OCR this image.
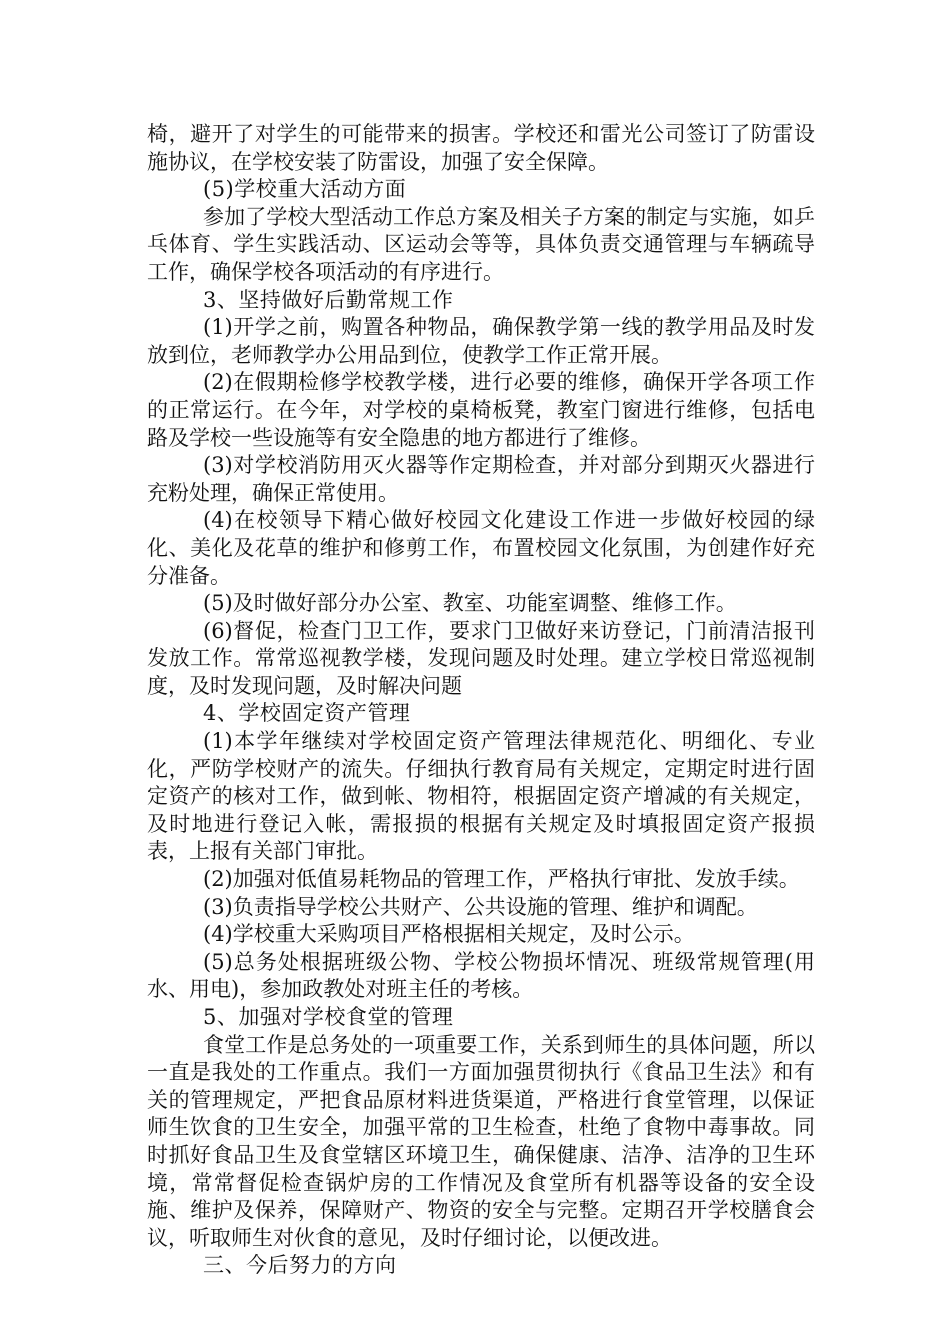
椅，避开了对学生的可能带来的损害。学校还和雷光公司签订了防雷设施协议，在学校安装了防雷设，加强了安全保障。

(5)学校重大活动方面

参加了学校大型活动工作总方案及相关子方案的制定与实施，如乒乓体育、学生实践活动、区运动会等等，具体负责交通管理与车辆疏导工作，确保学校各项活动的有序进行。

3、坚持做好后勤常规工作

(1)开学之前，购置各种物品，确保教学第一线的教学用品及时发放到位，老师教学办公用品到位，使教学工作正常开展。

(2)在假期检修学校教学楼，进行必要的维修，确保开学各项工作的正常运行。在今年，对学校的桌椅板凳，教室门窗进行维修，包括电路及学校一些设施等有安全隐患的地方都进行了维修。

(3)对学校消防用灭火器等作定期检查，并对部分到期灭火器进行充粉处理，确保正常使用。

(4)在校领导下精心做好校园文化建设工作进一步做好校园的绿化、美化及花草的维护和修剪工作，布置校园文化氛围，为创建作好充分准备。

(5)及时做好部分办公室、教室、功能室调整、维修工作。

(6)督促，检查门卫工作，要求门卫做好来访登记，门前清洁报刊发放工作。常常巡视教学楼，发现问题及时处理。建立学校日常巡视制度，及时发现问题，及时解决问题

4、学校固定资产管理

(1)本学年继续对学校固定资产管理法律规范化、明细化、专业化，严防学校财产的流失。仔细执行教育局有关规定，定期定时进行固定资产的核对工作，做到帐、物相符，根据固定资产增减的有关规定，及时地进行登记入帐，需报损的根据有关规定及时填报固定资产报损表，上报有关部门审批。

(2)加强对低值易耗物品的管理工作，严格执行审批、发放手续。

(3)负责指导学校公共财产、公共设施的管理、维护和调配。

(4)学校重大采购项目严格根据相关规定，及时公示。

(5)总务处根据班级公物、学校公物损坏情况、班级常规管理(用水、用电)，参加政教处对班主任的考核。

5、加强对学校食堂的管理

食堂工作是总务处的一项重要工作，关系到师生的具体问题，所以一直是我处的工作重点。我们一方面加强贯彻执行《食品卫生法》和有关的管理规定，严把食品原材料进货渠道，严格进行食堂管理，以保证师生饮食的卫生安全，加强平常的卫生检查，杜绝了食物中毒事故。同时抓好食品卫生及食堂辖区环境卫生，确保健康、洁净、洁净的卫生环境，常常督促检查锅炉房的工作情况及食堂所有机器等设备的安全设施、维护及保养，保障财产、物资的安全与完整。定期召开学校膳食会议，听取师生对伙食的意见，及时仔细讨论，以便改进。

三、今后努力的方向
